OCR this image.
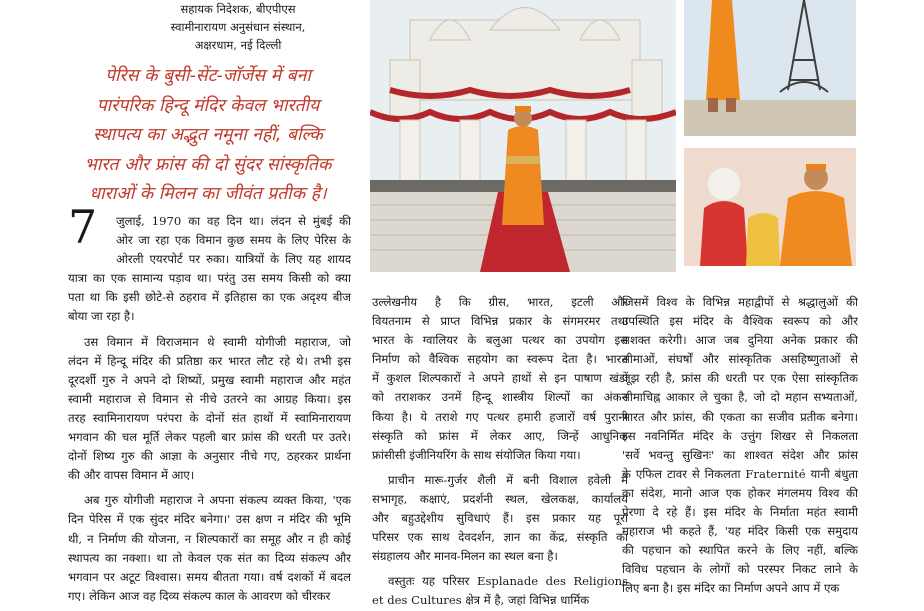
सहायक निदेशक, बीएपीएस
स्वामीनारायण अनुसंधान संस्थान,
अक्षरधाम, नई दिल्ली
पेरिस के बुसी-सेंट-जॉर्जेस में बना
पारंपरिक हिन्दू मंदिर केवल भारतीय
स्थापत्य का अद्भुत नमूना नहीं, बल्कि
भारत और फ्रांस की दो सुंदर सांस्कृतिक
धाराओं के मिलन का जीवंत प्रतीक है।
7	जुलाई, 1970 का वह दिन था। लंदन से मुंबई की
ओर जा रहा एक विमान कुछ समय के लिए पेरिस के
ओरली एयरपोर्ट पर रुका। यात्रियों के लिए यह शायद
यात्रा का एक सामान्य पड़ाव था। परंतु उस समय किसी को क्या
पता था कि इसी छोटे-से ठहराव में इतिहास का एक अदृश्य बीज
बोया जा रहा है।

उस विमान में विराजमान थे स्वामी योगीजी महाराज, जो
लंदन में हिन्दू मंदिर की प्रतिष्ठा कर भारत लौट रहे थे। तभी इस
दूरदर्शी गुरु ने अपने दो शिष्यों, प्रमुख स्वामी महाराज और महंत
स्वामी महाराज से विमान से नीचे उतरने का आग्रह किया। इस
तरह स्वामिनारायण परंपरा के दोनों संत हाथों में स्वामिनारायण
भगवान की चल मूर्ति लेकर पहली बार फ्रांस की धरती पर उतरे।
दोनों शिष्य गुरु की आज्ञा के अनुसार नीचे गए, ठहरकर प्रार्थना
की और वापस विमान में आए।

अब गुरु योगीजी महाराज ने अपना संकल्प व्यक्त किया, 'एक
दिन पेरिस में एक सुंदर मंदिर बनेगा।' उस क्षण न मंदिर की भूमि
थी, न निर्माण की योजना, न शिल्पकारों का समूह और न ही कोई
स्थापत्य का नक्शा। था तो केवल एक संत का दिव्य संकल्प और
भगवान पर अटूट विश्वास। समय बीतता गया। वर्ष दशकों में बदल
गए। लेकिन आज वह दिव्य संकल्प काल के आवरण को चीरकर

उल्लेखनीय है कि ग्रीस, भारत, इटली और
वियतनाम से प्राप्त विभिन्न प्रकार के संगमरमर तथा
भारत के ग्वालियर के बलुआ पत्थर का उपयोग इस
निर्माण को वैश्विक सहयोग का स्वरूप देता है। भारत
में कुशल शिल्पकारों ने अपने हाथों से इन पाषाण खंडों
को तराशकर उनमें हिन्दू शास्त्रीय शिल्पों का अंकन
किया है। ये तराशे गए पत्थर हमारी हजारों वर्ष पुरानी
संस्कृति को फ्रांस में लेकर आए, जिन्हें आधुनिक
फ्रांसीसी इंजीनियरिंग के साथ संयोजित किया गया।

प्राचीन मारू-गुर्जर शैली में बनी विशाल हवेली में
सभागृह, कक्षाएं, प्रदर्शनी स्थल, खेलकक्ष, कार्यालय
और बहुउद्देशीय सुविधाएं हैं। इस प्रकार यह पूरा
परिसर एक साथ देवदर्शन, ज्ञान का केंद्र, संस्कृति का
संग्रहालय और मानव-मिलन का स्थल बना है।

वस्तुतः यह परिसर Esplanade des Religions
et des Cultures क्षेत्र में है, जहां विभिन्न धार्मिक

जिसमें विश्व के विभिन्न महाद्वीपों से श्रद्धालुओं की
उपस्थिति इस मंदिर के वैश्विक स्वरूप को और
सशक्त करेगी। आज जब दुनिया अनेक प्रकार की
सीमाओं, संघर्षों और सांस्कृतिक असहिष्णुताओं से
जूझ रही है, फ्रांस की धरती पर एक ऐसा सांस्कृतिक
सीमाचिह्न आकार ले चुका है, जो दो महान सभ्यताओं,
भारत और फ्रांस, की एकता का सजीव प्रतीक बनेगा।
इस नवनिर्मित मंदिर के उत्तुंग शिखर से निकलता
'सर्वे भवन्तु सुखिनः' का शाश्वत संदेश और फ्रांस
के एफिल टावर से निकलता Fraternité यानी बंधुता
का संदेश, मानो आज एक होकर मंगलमय विश्व की
प्रेरणा दे रहे हैं। इस मंदिर के निर्माता महंत स्वामी
महाराज भी कहते हैं, 'यह मंदिर किसी एक समुदाय
की पहचान को स्थापित करने के लिए नहीं, बल्कि
विविध पहचान के लोगों को परस्पर निकट लाने के
लिए बना है। इस मंदिर का निर्माण अपने आप में एक
